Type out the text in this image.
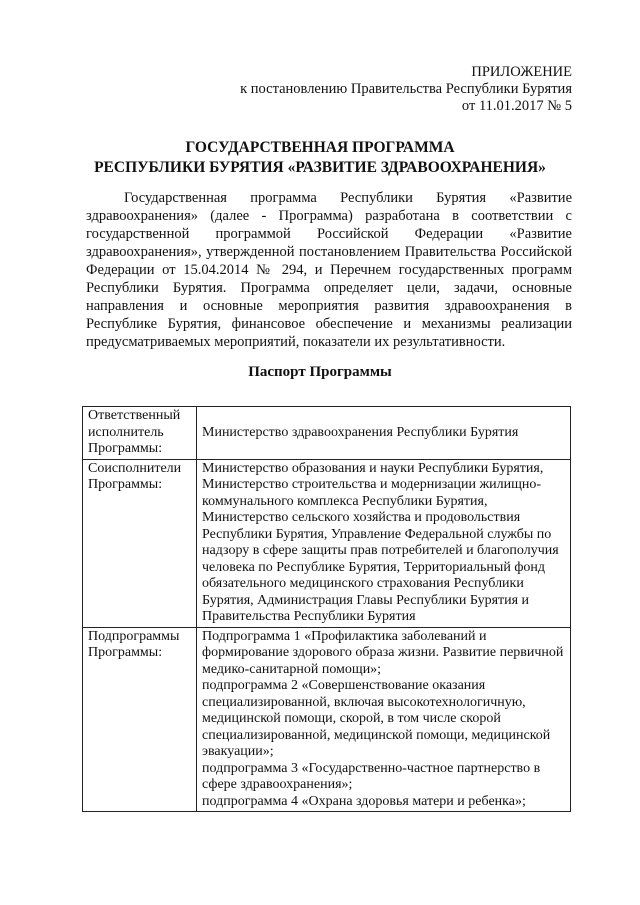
ПРИЛОЖЕНИЕ
к постановлению Правительства Республики Бурятия
от 11.01.2017 № 5
ГОСУДАРСТВЕННАЯ ПРОГРАММА
РЕСПУБЛИКИ БУРЯТИЯ «РАЗВИТИЕ ЗДРАВООХРАНЕНИЯ»

Государственная программа Республики Бурятия «Развитие здравоохранения» (далее - Программа) разработана в соответствии с государственной программой Российской Федерации «Развитие здравоохранения», утвержденной постановлением Правительства Российской Федерации от 15.04.2014 № 294, и Перечнем государственных программ Республики Бурятия. Программа определяет цели, задачи, основные направления и основные мероприятия развития здравоохранения в Республике Бурятия, финансовое обеспечение и механизмы реализации предусматриваемых мероприятий, показатели их результативности.

Паспорт Программы
Ответственный исполнитель Программы:	Министерство здравоохранения Республики Бурятия
Соисполнители Программы:	Министерство образования и науки Республики Бурятия, Министерство строительства и модернизации жилищно-коммунального комплекса Республики Бурятия, Министерство сельского хозяйства и продовольствия Республики Бурятия, Управление Федеральной службы по надзору в сфере защиты прав потребителей и благополучия человека по Республике Бурятия, Территориальный фонд обязательного медицинского страхования Республики Бурятия, Администрация Главы Республики Бурятия и Правительства Республики Бурятия
Подпрограммы Программы:	Подпрограмма 1 «Профилактика заболеваний и формирование здорового образа жизни. Развитие первичной медико-санитарной помощи»;
подпрограмма 2 «Совершенствование оказания специализированной, включая высокотехнологичную, медицинской помощи, скорой, в том числе скорой специализированной, медицинской помощи, медицинской эвакуации»;
подпрограмма 3 «Государственно-частное партнерство в сфере здравоохранения»;
подпрограмма 4 «Охрана здоровья матери и ребенка»;
